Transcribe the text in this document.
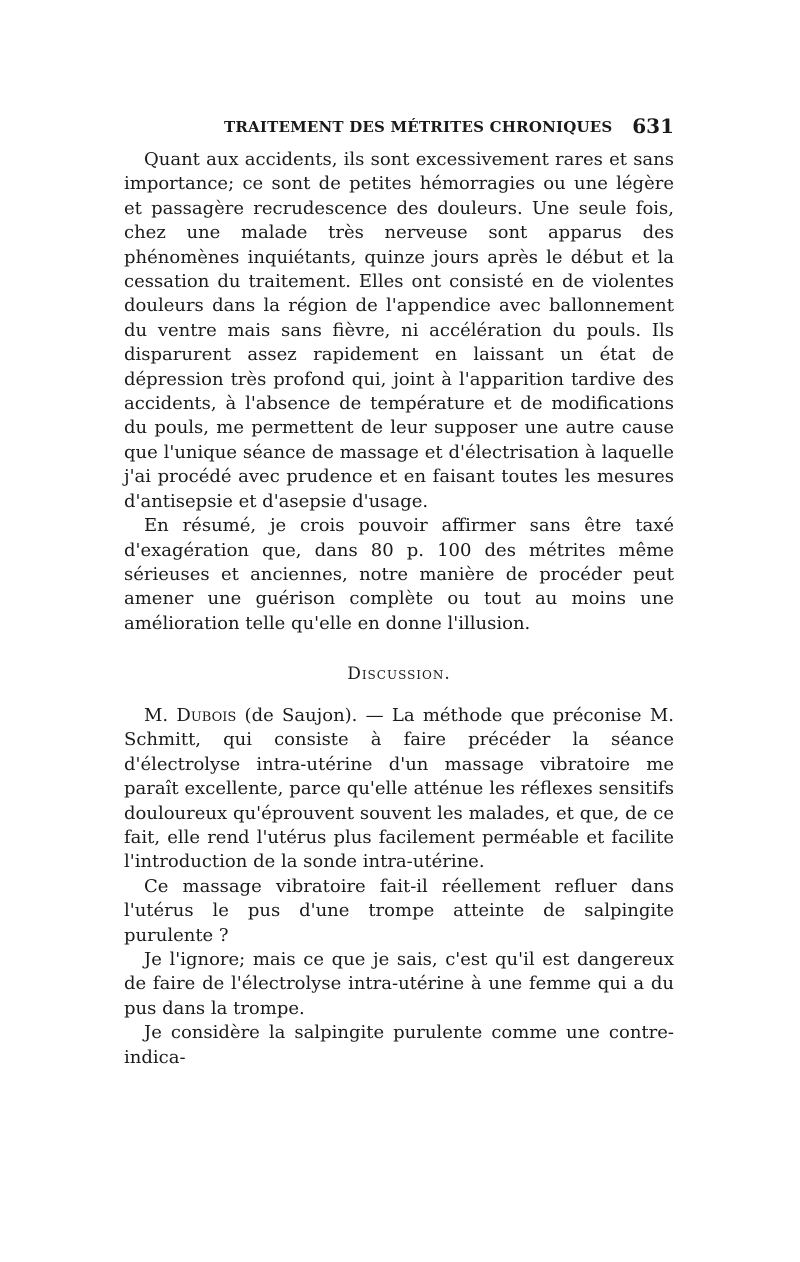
TRAITEMENT DES MÉTRITES CHRONIQUES 631

Quant aux accidents, ils sont excessivement rares et sans importance; ce sont de petites hémorragies ou une légère et passagère recrudescence des douleurs. Une seule fois, chez une malade très nerveuse sont apparus des phénomènes inquiétants, quinze jours après le début et la cessation du traitement. Elles ont consisté en de violentes douleurs dans la région de l'appendice avec ballonnement du ventre mais sans fièvre, ni accélération du pouls. Ils disparurent assez rapidement en laissant un état de dépression très profond qui, joint à l'apparition tardive des accidents, à l'absence de température et de modifications du pouls, me permettent de leur supposer une autre cause que l'unique séance de massage et d'électrisation à laquelle j'ai procédé avec prudence et en faisant toutes les mesures d'antisepsie et d'asepsie d'usage.

En résumé, je crois pouvoir affirmer sans être taxé d'exagération que, dans 80 p. 100 des métrites même sérieuses et anciennes, notre manière de procéder peut amener une guérison complète ou tout au moins une amélioration telle qu'elle en donne l'illusion.

Discussion.

M. Dubois (de Saujon). — La méthode que préconise M. Schmitt, qui consiste à faire précéder la séance d'électrolyse intra-utérine d'un massage vibratoire me paraît excellente, parce qu'elle atténue les réflexes sensitifs douloureux qu'éprouvent souvent les malades, et que, de ce fait, elle rend l'utérus plus facilement perméable et facilite l'introduction de la sonde intra-utérine.

Ce massage vibratoire fait-il réellement refluer dans l'utérus le pus d'une trompe atteinte de salpingite purulente ?

Je l'ignore; mais ce que je sais, c'est qu'il est dangereux de faire de l'électrolyse intra-utérine à une femme qui a du pus dans la trompe.

Je considère la salpingite purulente comme une contre-indica-
